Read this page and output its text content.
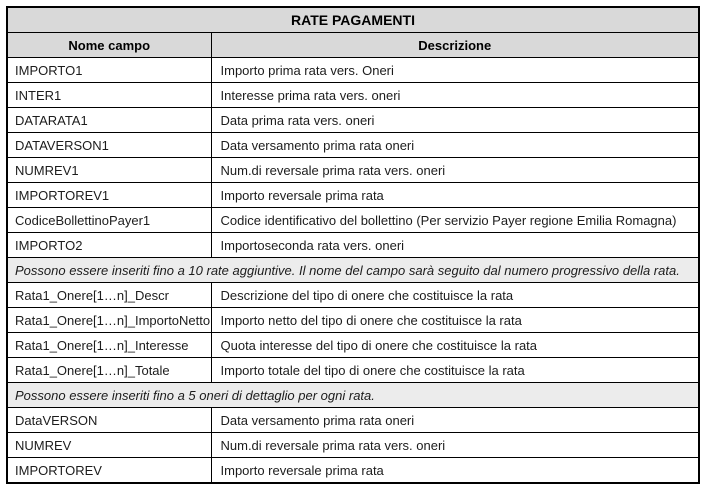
RATE PAGAMENTI	
Nome campo	Descrizione
IMPORTO1	Importo prima rata vers. Oneri
INTER1	Interesse prima rata vers. oneri
DATARATA1	Data prima rata vers. oneri
DATAVERSON1	Data versamento prima rata oneri
NUMREV1	Num.di reversale prima rata vers. oneri
IMPORTOREV1	Importo reversale prima rata
CodiceBollettinoPayer1	Codice identificativo del bollettino (Per servizio Payer regione Emilia Romagna)
IMPORTO2	Importoseconda rata vers. oneri
Possono essere inseriti fino a 10 rate aggiuntive. Il nome del campo sarà seguito dal numero progressivo della rata.	
Rata1_Onere[1…n]_Descr	Descrizione del tipo di onere che costituisce la rata
Rata1_Onere[1…n]_ImportoNetto	Importo netto del tipo di onere che costituisce la rata
Rata1_Onere[1…n]_Interesse	Quota interesse del tipo di onere che costituisce la rata
Rata1_Onere[1…n]_Totale	Importo totale del tipo di onere che costituisce la rata
Possono essere inseriti fino a 5 oneri di dettaglio per ogni rata.	
DataVERSON	Data versamento prima rata oneri
NUMREV	Num.di reversale prima rata vers. oneri
IMPORTOREV	Importo reversale prima rata
